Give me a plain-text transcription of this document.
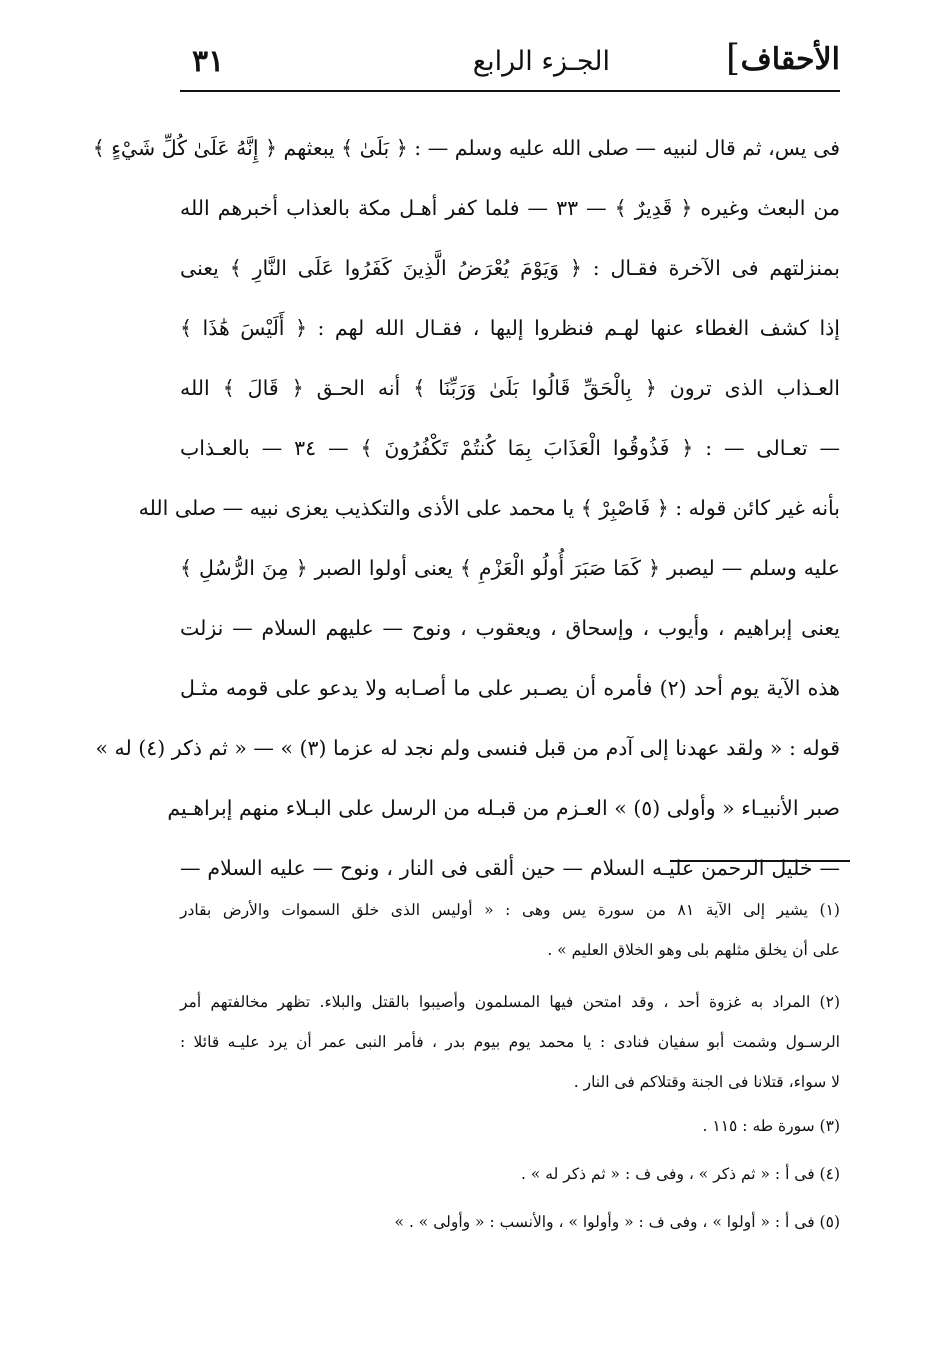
الأحقاف
]
الجـزء الرابع
٣١
فى يس، ثم قال لنبيه — صلى الله عليه وسلم — : ﴿ بَلَىٰ ﴾ يبعثهم ﴿ إِنَّهُ عَلَىٰ كُلِّ شَيْءٍ ﴾
من البعث وغيره ﴿ قَدِيرٌ ﴾ — ٣٣ — فلما كفر أهـل مكة بالعذاب أخبرهم الله
بمنزلتهم فى الآخرة فقـال : ﴿ وَيَوْمَ يُعْرَضُ الَّذِينَ كَفَرُوا عَلَى النَّارِ ﴾ يعنى
إذا كشف الغطاء عنها لهـم فنظروا إليها ، فقـال الله لهم : ﴿ أَلَيْسَ هَٰذَا ﴾
العـذاب الذى ترون ﴿ بِالْحَقِّ قَالُوا بَلَىٰ وَرَبِّنَا ﴾ أنه الحـق ﴿ قَالَ ﴾ الله
— تعـالى — : ﴿ فَذُوقُوا الْعَذَابَ بِمَا كُنتُمْ تَكْفُرُونَ ﴾ — ٣٤ — بالعـذاب
بأنه غير كائن قوله : ﴿ فَاصْبِرْ ﴾ يا محمد على الأذى والتكذيب يعزى نبيه — صلى الله
عليه وسلم — ليصبر ﴿ كَمَا صَبَرَ أُولُو الْعَزْمِ ﴾ يعنى أولوا الصبر ﴿ مِنَ الرُّسُلِ ﴾
يعنى إبراهيم ، وأيوب ، وإسحاق ، ويعقوب ، ونوح — عليهم السلام — نزلت
هذه الآية يوم أحد (٢) فأمره أن يصـبر على ما أصـابه ولا يدعو على قومه مثـل
قوله : « ولقد عهدنا إلى آدم من قبل فنسى ولم نجد له عزما (٣) » — « ثم ذكر (٤) له »
صبر الأنبيـاء « وأولى (٥) » العـزم من قبـله من الرسل على البـلاء منهم إبراهـيم
— خليل الرحمن عليـه السلام — حين ألقى فى النار ، ونوح — عليه السلام —
(١) يشير إلى الآية ٨١ من سورة يس وهى : « أوليس الذى خلق السموات والأرض بقادر
على أن يخلق مثلهم بلى وهو الخلاق العليم » .
(٢) المراد به غزوة أحد ، وقد امتحن فيها المسلمون وأصيبوا بالقتل والبلاء. تظهر مخالفتهم أمر
الرسـول وشمت أبو سفيان فنادى : يا محمد يوم بيوم بدر ، فأمر النبى عمر أن يرد عليـه قائلا :
لا سواء، قتلانا فى الجنة وقتلاكم فى النار .
(٣) سورة طه : ١١٥ .
(٤) فى أ : « ثم ذكر » ، وفى ف : « ثم ذكر له » .
(٥) فى أ : « أولوا » ، وفى ف : « وأولوا » ، والأنسب : « وأولى » . »
